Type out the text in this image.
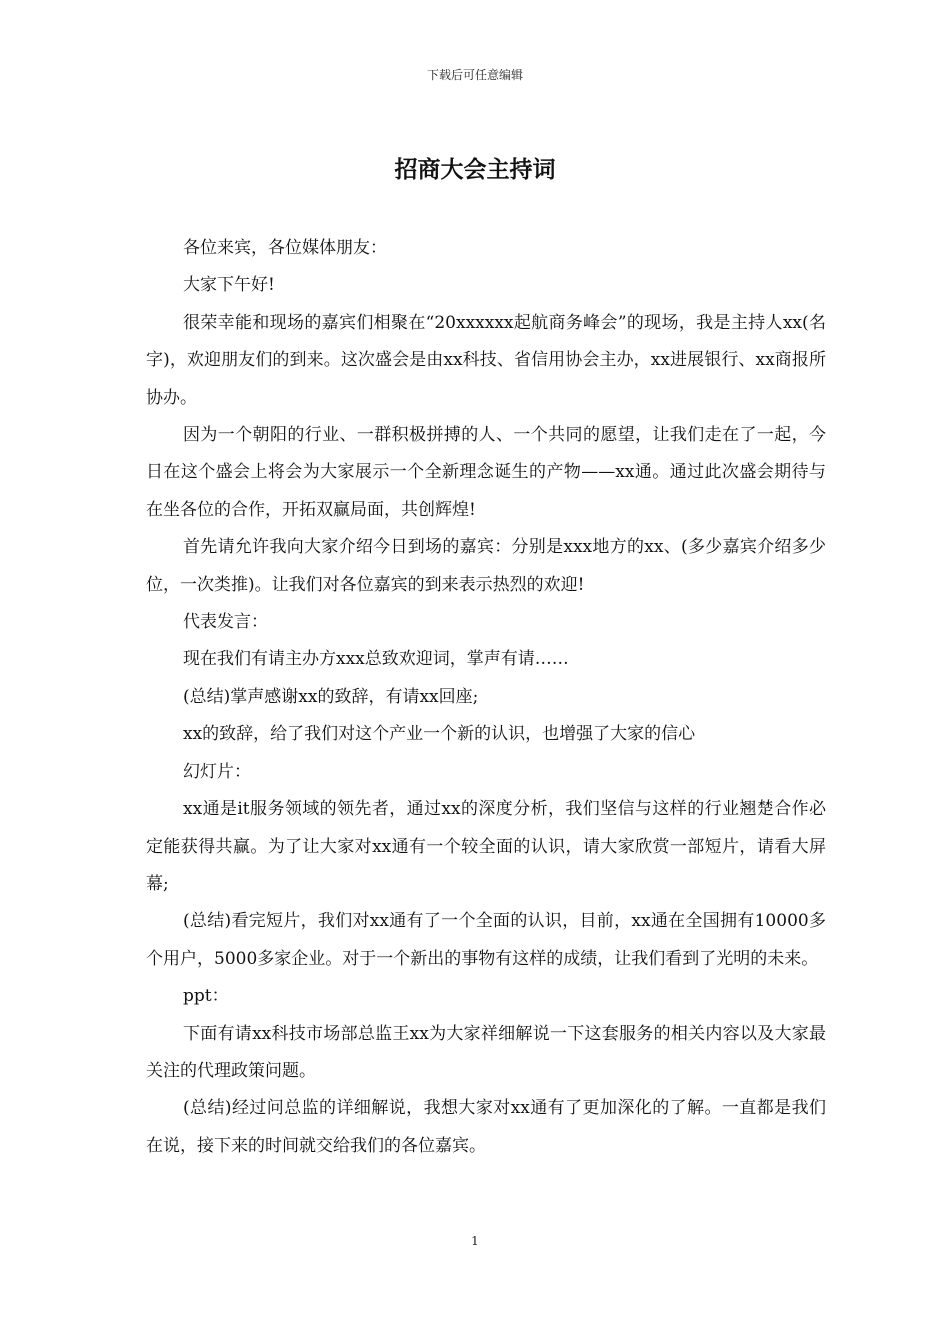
下载后可任意编辑
招商大会主持词

各位来宾，各位媒体朋友：

大家下午好!

很荣幸能和现场的嘉宾们相聚在“20xxxxxx起航商务峰会”的现场，我是主持人xx(名字)，欢迎朋友们的到来。这次盛会是由xx科技、省信用协会主办，xx进展银行、xx商报所协办。

因为一个朝阳的行业、一群积极拼搏的人、一个共同的愿望，让我们走在了一起，今日在这个盛会上将会为大家展示一个全新理念诞生的产物——xx通。通过此次盛会期待与在坐各位的合作，开拓双赢局面，共创辉煌!

首先请允许我向大家介绍今日到场的嘉宾：分别是xxx地方的xx、(多少嘉宾介绍多少位，一次类推)。让我们对各位嘉宾的到来表示热烈的欢迎!

代表发言：

现在我们有请主办方xxx总致欢迎词，掌声有请……

(总结)掌声感谢xx的致辞，有请xx回座;

xx的致辞，给了我们对这个产业一个新的认识，也增强了大家的信心

幻灯片：

xx通是it服务领域的领先者，通过xx的深度分析，我们坚信与这样的行业翘楚合作必定能获得共赢。为了让大家对xx通有一个较全面的认识，请大家欣赏一部短片，请看大屏幕;

(总结)看完短片，我们对xx通有了一个全面的认识，目前，xx通在全国拥有10000多个用户，5000多家企业。对于一个新出的事物有这样的成绩，让我们看到了光明的未来。

ppt：

下面有请xx科技市场部总监王xx为大家祥细解说一下这套服务的相关内容以及大家最关注的代理政策问题。

(总结)经过问总监的详细解说，我想大家对xx通有了更加深化的了解。一直都是我们在说，接下来的时间就交给我们的各位嘉宾。

1
